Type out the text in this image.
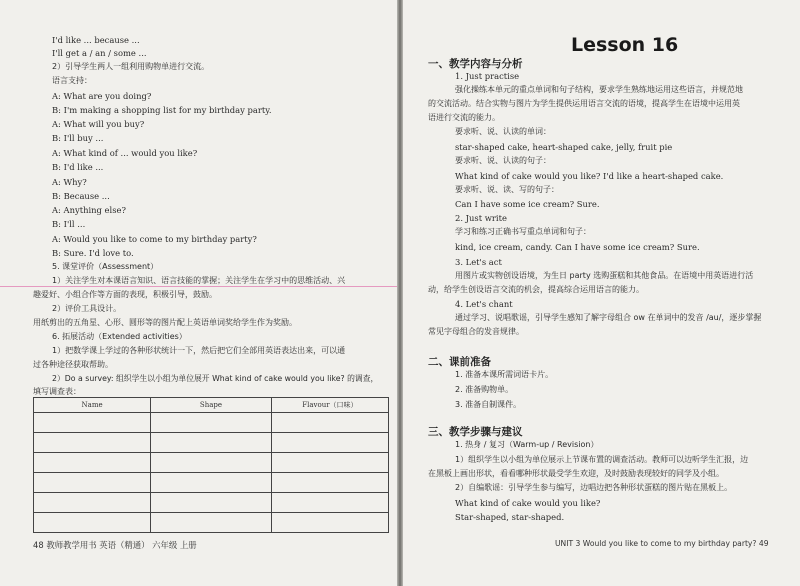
I'd like ... because ...
I'll get a / an / some ...
2）引导学生两人一组利用购物单进行交流。
语言支持：
A: What are you doing?
B: I'm making a shopping list for my birthday party.
A: What will you buy?
B: I'll buy ...
A: What kind of ... would you like?
B: I'd like ...
A: Why?
B: Because ...
A: Anything else?
B: I'll ...
A: Would you like to come to my birthday party?
B: Sure. I'd love to.
5. 课堂评价（Assessment）
1）关注学生对本课语言知识、语言技能的掌握；关注学生在学习中的思维活动、兴
趣爱好、小组合作等方面的表现，积极引导，鼓励。
2）评价工具设计。
用纸剪出的五角星、心形、圆形等的图片配上英语单词奖给学生作为奖励。
6. 拓展活动（Extended activities）
1）把数学课上学过的各种形状统计一下，然后把它们全部用英语表达出来，可以通
过各种途径获取帮助。
2）Do a survey: 组织学生以小组为单位展开 What kind of cake would you like? 的调查，
填写调查表：
Name	Shape	Flavour（口味）

48 教师教学用书 英语（精通） 六年级 上册
Lesson 16
一、教学内容与分析
1. Just practise
强化操练本单元的重点单词和句子结构，要求学生熟练地运用这些语言，并规范地
的交流活动。结合实物与图片为学生提供运用语言交流的语境，提高学生在语境中运用英
语进行交流的能力。
要求听、说、认读的单词：
star-shaped cake, heart-shaped cake, jelly, fruit pie
要求听、说、认读的句子：
What kind of cake would you like? I'd like a heart-shaped cake.
要求听、说、读、写的句子：
Can I have some ice cream? Sure.
2. Just write
学习和练习正确书写重点单词和句子：
kind, ice cream, candy. Can I have some ice cream? Sure.
3. Let's act
用图片或实物创设语境，为生日 party 选购蛋糕和其他食品。在语境中用英语进行活
动，给学生创设语言交流的机会，提高综合运用语言的能力。
4. Let's chant
通过学习、说唱歌谣，引导学生感知了解字母组合 ow 在单词中的发音 /au/，逐步掌握
常见字母组合的发音规律。
二、课前准备
1. 准备本课所需词语卡片。
2. 准备购物单。
3. 准备自制课件。
三、教学步骤与建议
1. 热身 / 复习（Warm-up / Revision）
1）组织学生以小组为单位展示上节课布置的调查活动。教师可以边听学生汇报，边
在黑板上画出形状，看看哪种形状最受学生欢迎，及时鼓励表现较好的同学及小组。
2）自编歌谣：引导学生参与编写，边唱边把各种形状蛋糕的图片贴在黑板上。
What kind of cake would you like?
Star-shaped, star-shaped.
UNIT 3 Would you like to come to my birthday party? 49
